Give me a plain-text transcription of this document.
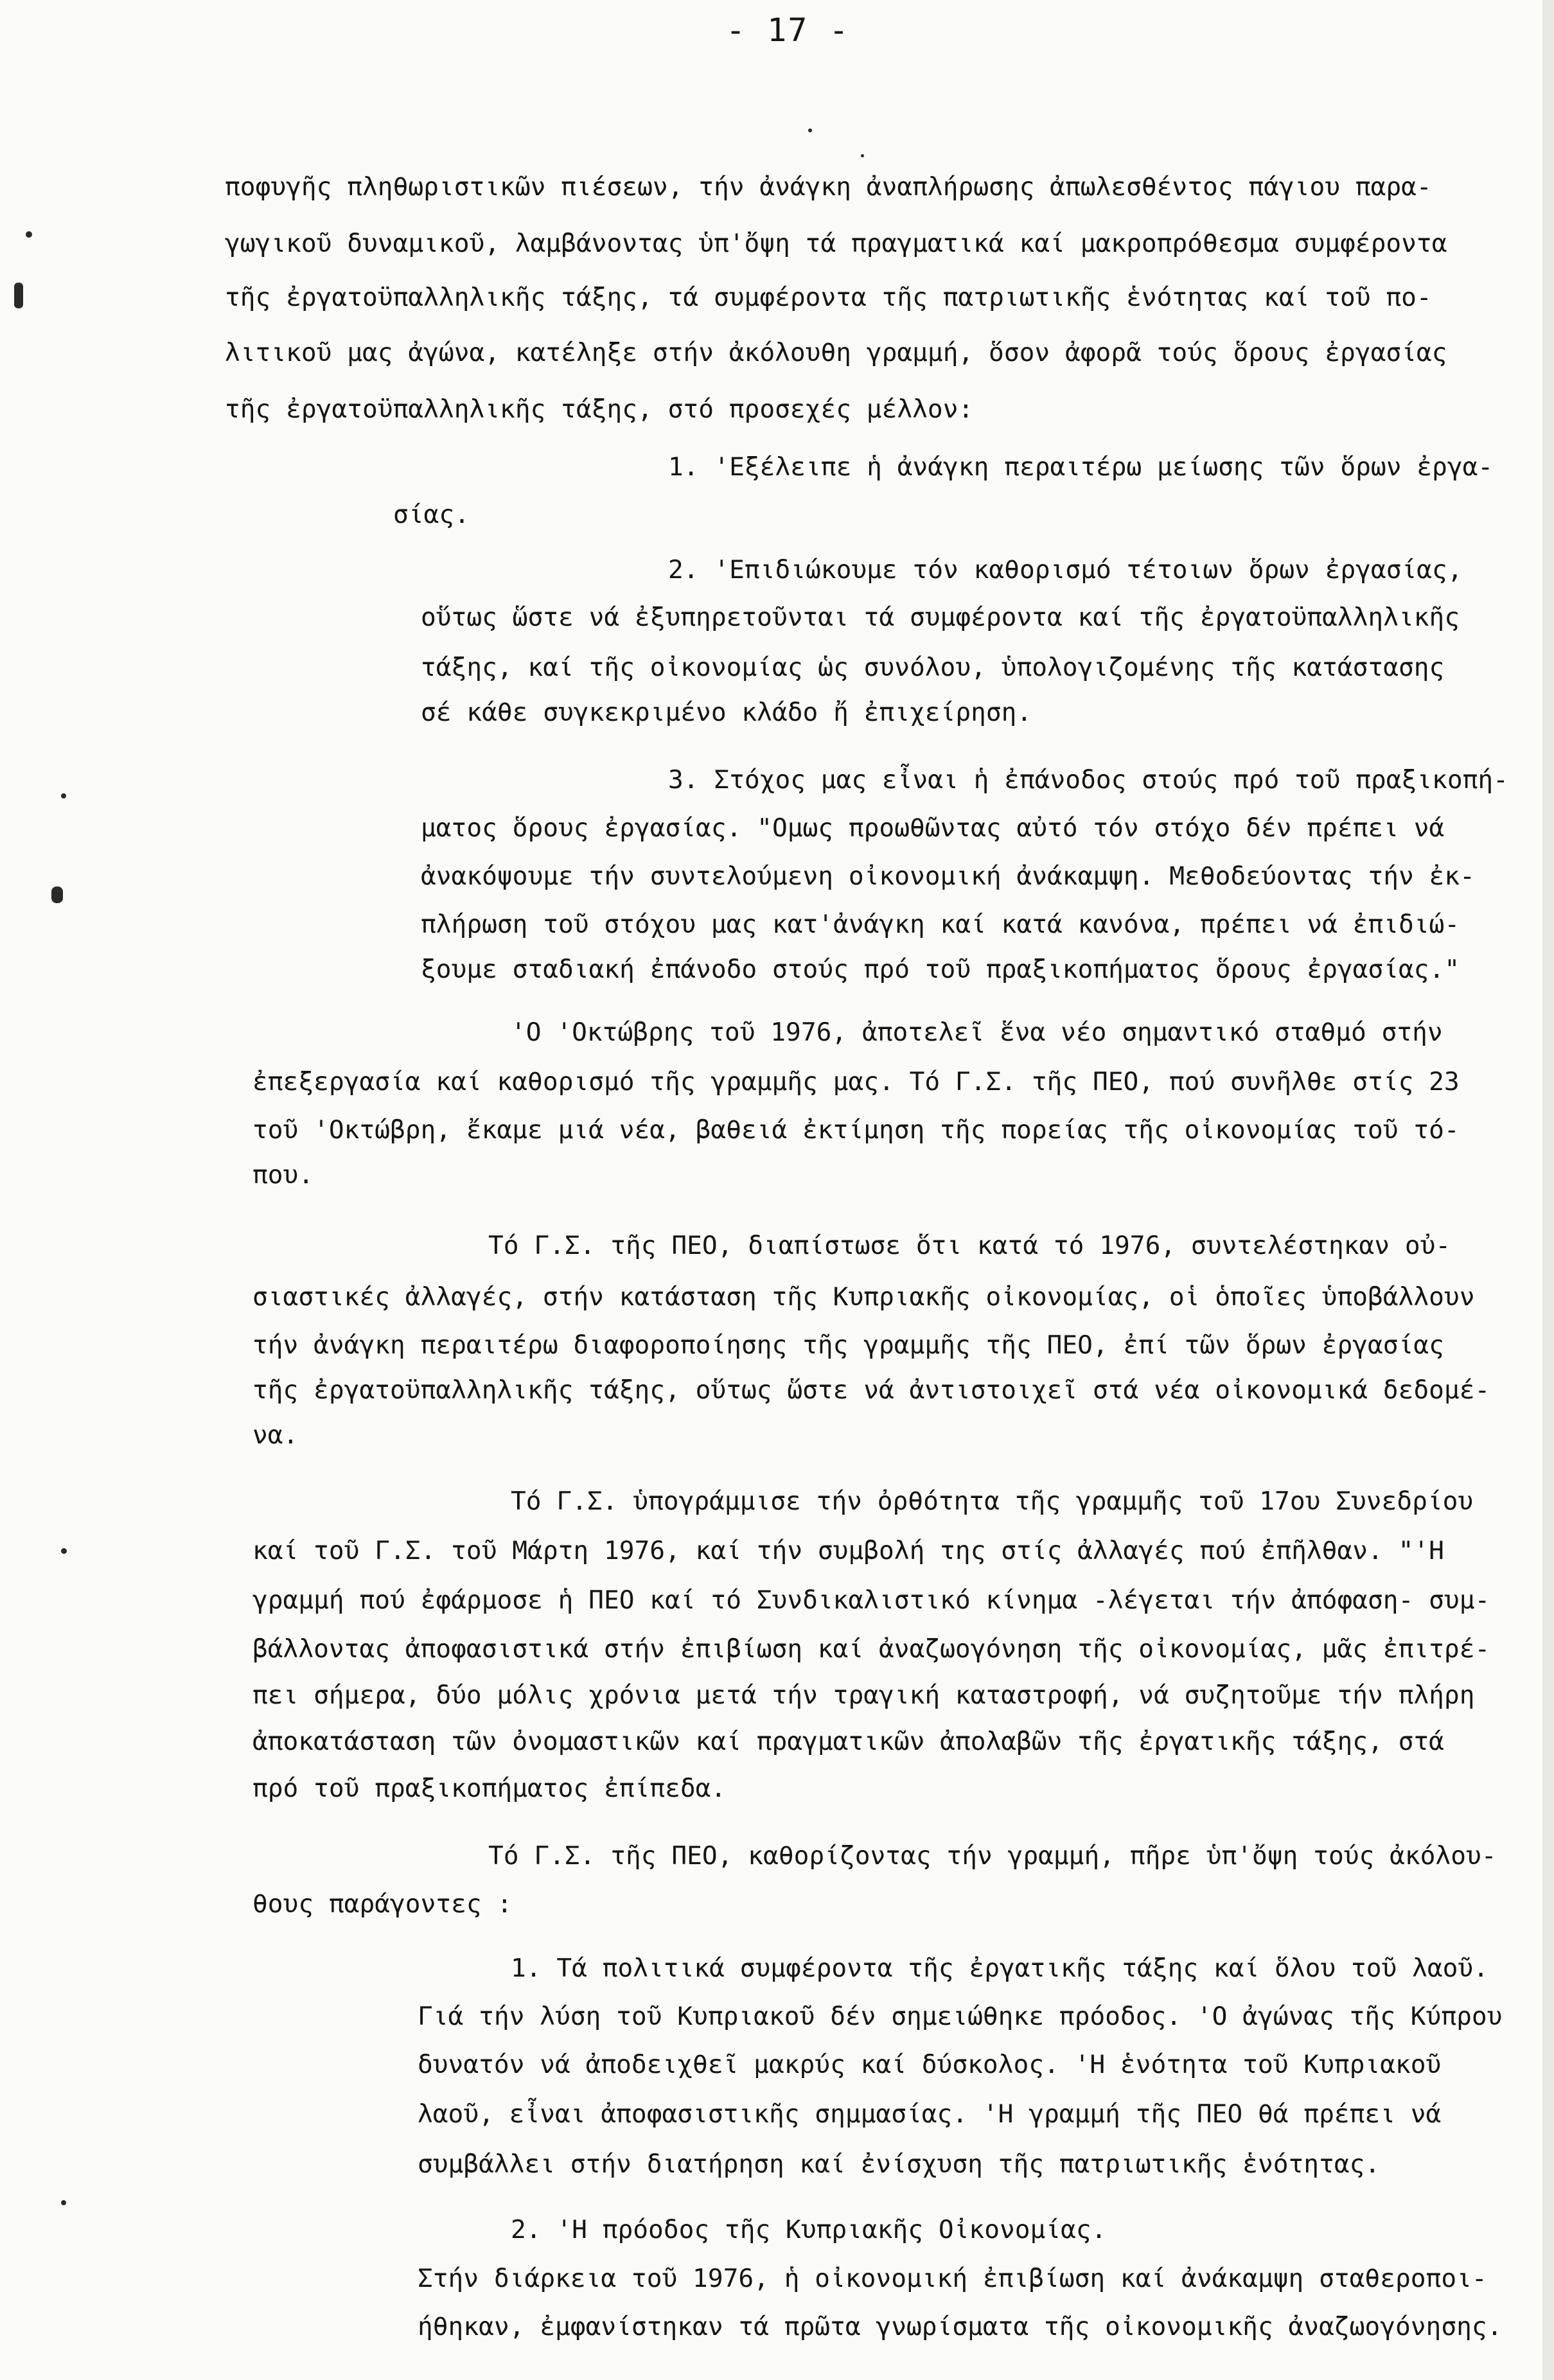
- 17 -
ποφυγῆς πληθωριστικῶν πιέσεων, τήν ἀνάγκη ἀναπλήρωσης ἀπωλεσθέντος πάγιου παρα-
γωγικοῦ δυναμικοῦ, λαμβάνοντας ὑπ'ὄψη τά πραγματικά καί μακροπρόθεσμα συμφέροντα
τῆς ἐργατοϋπαλληλικῆς τάξης, τά συμφέροντα τῆς πατριωτικῆς ἑνότητας καί τοῦ πο-
λιτικοῦ μας ἀγώνα, κατέληξε στήν ἀκόλουθη γραμμή, ὅσον ἀφορᾶ τούς ὅρους ἐργασίας
τῆς ἐργατοϋπαλληλικῆς τάξης, στό προσεχές μέλλον:
1. 'Εξέλειπε ἡ ἀνάγκη περαιτέρω μείωσης τῶν ὅρων ἐργα-
σίας.
2. 'Επιδιώκουμε τόν καθορισμό τέτοιων ὅρων ἐργασίας,
οὕτως ὥστε νά ἐξυπηρετοῦνται τά συμφέροντα καί τῆς ἐργατοϋπαλληλικῆς
τάξης, καί τῆς οἰκονομίας ὡς συνόλου, ὑπολογιζομένης τῆς κατάστασης
σέ κάθε συγκεκριμένο κλάδο ἤ ἐπιχείρηση.
3. Στόχος μας εἶναι ἡ ἐπάνοδος στούς πρό τοῦ πραξικοπή-
ματος ὅρους ἐργασίας. "Ομως προωθῶντας αὐτό τόν στόχο δέν πρέπει νά
ἀνακόψουμε τήν συντελούμενη οἰκονομική ἀνάκαμψη. Μεθοδεύοντας τήν ἐκ-
πλήρωση τοῦ στόχου μας κατ'ἀνάγκη καί κατά κανόνα, πρέπει νά ἐπιδιώ-
ξουμε σταδιακή ἐπάνοδο στούς πρό τοῦ πραξικοπήματος ὅρους ἐργασίας."
'Ο 'Οκτώβρης τοῦ 1976, ἀποτελεῖ ἕνα νέο σημαντικό σταθμό στήν
ἐπεξεργασία καί καθορισμό τῆς γραμμῆς μας. Τό Γ.Σ. τῆς ΠΕΟ, πού συνῆλθε στίς 23
τοῦ 'Οκτώβρη, ἔκαμε μιά νέα, βαθειά ἐκτίμηση τῆς πορείας τῆς οἰκονομίας τοῦ τό-
που.
Τό Γ.Σ. τῆς ΠΕΟ, διαπίστωσε ὅτι κατά τό 1976, συντελέστηκαν οὐ-
σιαστικές ἀλλαγές, στήν κατάσταση τῆς Κυπριακῆς οἰκονομίας, οἱ ὁποῖες ὑποβάλλουν
τήν ἀνάγκη περαιτέρω διαφοροποίησης τῆς γραμμῆς τῆς ΠΕΟ, ἐπί τῶν ὅρων ἐργασίας
τῆς ἐργατοϋπαλληλικῆς τάξης, οὕτως ὥστε νά ἀντιστοιχεῖ στά νέα οἰκονομικά δεδομέ-
να.
Τό Γ.Σ. ὑπογράμμισε τήν ὀρθότητα τῆς γραμμῆς τοῦ 17ου Συνεδρίου
καί τοῦ Γ.Σ. τοῦ Μάρτη 1976, καί τήν συμβολή της στίς ἀλλαγές πού ἐπῆλθαν. "'Η
γραμμή πού ἐφάρμοσε ἡ ΠΕΟ καί τό Συνδικαλιστικό κίνημα -λέγεται τήν ἀπόφαση- συμ-
βάλλοντας ἀποφασιστικά στήν ἐπιβίωση καί ἀναζωογόνηση τῆς οἰκονομίας, μᾶς ἐπιτρέ-
πει σήμερα, δύο μόλις χρόνια μετά τήν τραγική καταστροφή, νά συζητοῦμε τήν πλήρη
ἀποκατάσταση τῶν ὀνομαστικῶν καί πραγματικῶν ἀπολαβῶν τῆς ἐργατικῆς τάξης, στά
πρό τοῦ πραξικοπήματος ἐπίπεδα.
Τό Γ.Σ. τῆς ΠΕΟ, καθορίζοντας τήν γραμμή, πῆρε ὑπ'ὄψη τούς ἀκόλου-
θους παράγοντες :
1. Τά πολιτικά συμφέροντα τῆς ἐργατικῆς τάξης καί ὅλου τοῦ λαοῦ.
Γιά τήν λύση τοῦ Κυπριακοῦ δέν σημειώθηκε πρόοδος. 'Ο ἀγώνας τῆς Κύπρου
δυνατόν νά ἀποδειχθεῖ μακρύς καί δύσκολος. 'Η ἑνότητα τοῦ Κυπριακοῦ
λαοῦ, εἶναι ἀποφασιστικῆς σημμασίας. 'Η γραμμή τῆς ΠΕΟ θά πρέπει νά
συμβάλλει στήν διατήρηση καί ἐνίσχυση τῆς πατριωτικῆς ἑνότητας.
2. 'Η πρόοδος τῆς Κυπριακῆς Οἰκονομίας.
Στήν διάρκεια τοῦ 1976, ἡ οἰκονομική ἐπιβίωση καί ἀνάκαμψη σταθεροποι-
ήθηκαν, ἐμφανίστηκαν τά πρῶτα γνωρίσματα τῆς οἰκονομικῆς ἀναζωογόνησης.
